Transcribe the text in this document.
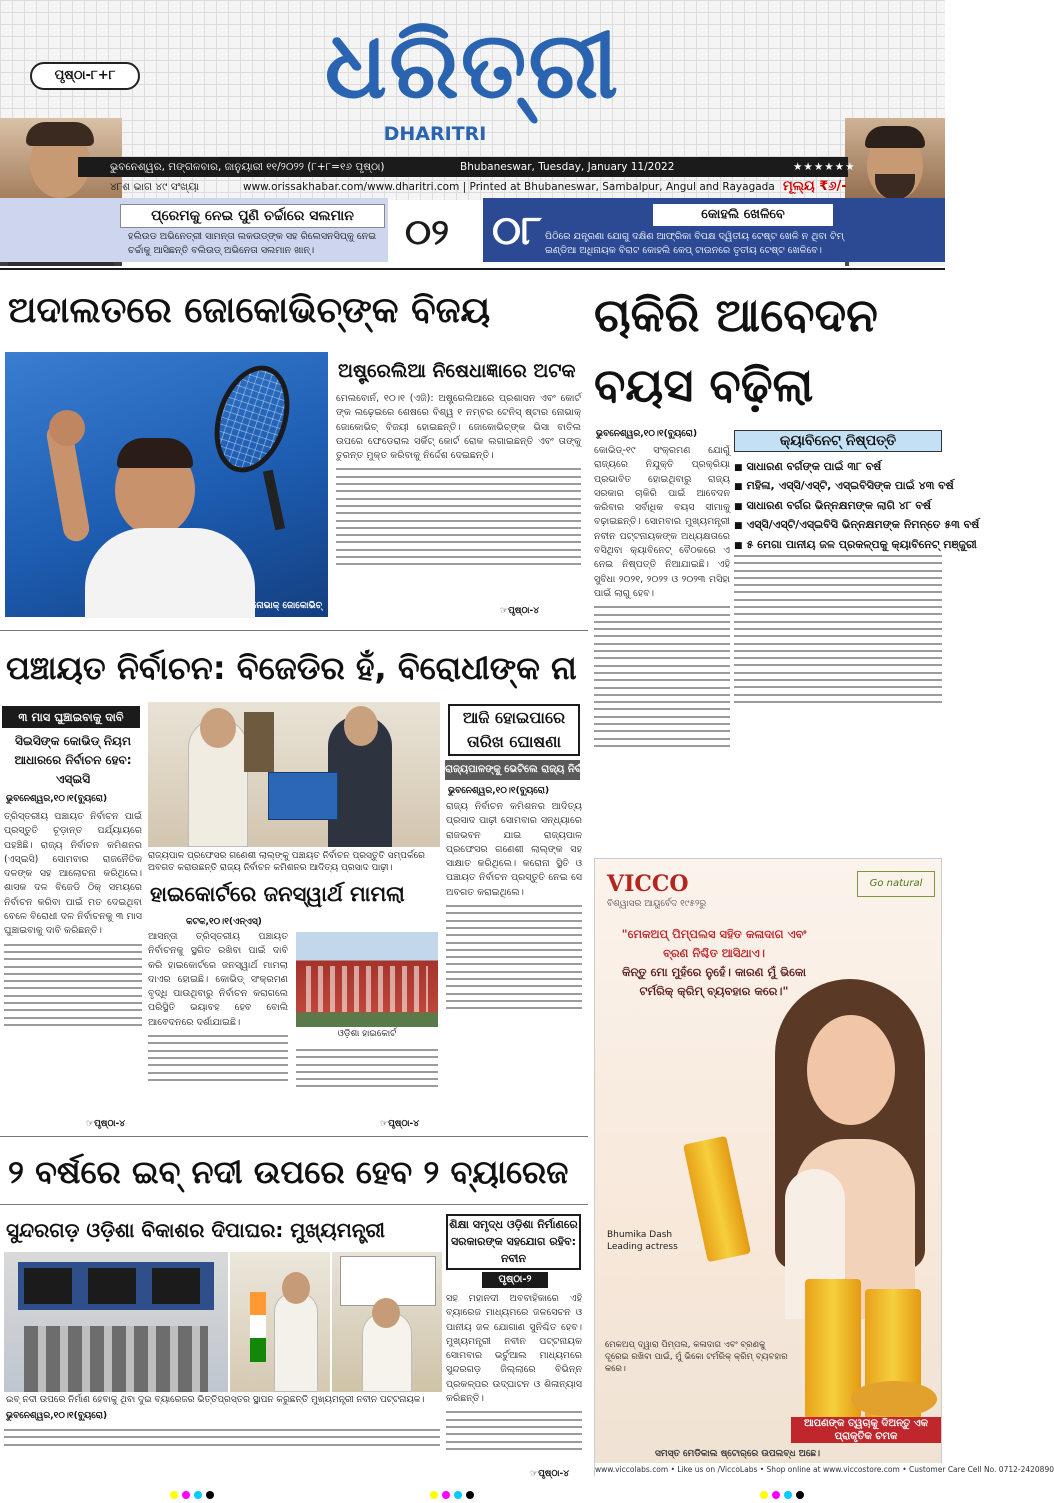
ପୃଷ୍ଠା-୮+୮ ଧରିତ୍ରୀ
DHARITRI
ଭୁବନେଶ୍ୱର, ମଙ୍ଗଳବାର, ଜାନୁୟାରୀ ୧୧/୨୦୨୨ (୮+୮=୧୬ ପୃଷ୍ଠା)	Bhubaneswar, Tuesday, January 11/2022	★★★★★★
୪୮ଶ ଭାଗ ୪୯ ସଂଖ୍ୟା	www.orissakhabar.com/www.dharitri.com | Printed at Bhubaneswar, Sambalpur, Angul and Rayagada ମୂଲ୍ୟ ₹୬/-
ପ୍ରେମକୁ ନେଇ ପୁଣି ଚର୍ଚ୍ଚାରେ ସଲମାନ
ହଲିଉଡ ଅଭିନେତ୍ରୀ ସାମନ୍ତା ଲକଉଡ୍‌ଙ୍କ ସହ ରିଲେସନସିପ୍‌କୁ ନେଇ ଚର୍ଚ୍ଚାକୁ ଆସିଛନ୍ତି ବଲିଉଡ୍ ଅଭିନେତା ସଲମାନ ଖାନ୍।	୦୨	କୋହଲି ଖେଳିବେ
ପିଠିରେ ଯନ୍ତ୍ରଣା ଯୋଗୁ ଦକ୍ଷିଣ ଆଫ୍ରିକା ବିପକ୍ଷ ଦ୍ୱିତୀୟ ଟେଷ୍ଟ ଖେଳି ନ ଥିବା ଟିମ୍ ଇଣ୍ଡିଆ ଅଧିନାୟକ ବିରାଟ କୋହଲି କେପ୍ ଟାଉନରେ ତୃତୀୟ ଟେଷ୍ଟ ଖେଳିବେ।
୦୮
ଅଦାଲତରେ ଜୋକୋଭିଚ୍‌ଙ୍କ ବିଜୟ
ନୋଭାକ୍ ଜୋକୋଭିଚ୍
ଅଷ୍ଟ୍ରେଲିଆ ନିଷେଧାଜ୍ଞାରେ ଅଟକ
ମେଲବୋର୍ନ, ୧୦।୧ (ଏଜି): ଅଷ୍ଟ୍ରେଲିଆରେ ପ୍ରଶାସନ ଏବଂ କୋର୍ଟ ଙ୍କ ଲଢ଼େଇରେ ଶେଷରେ ବିଶ୍ୱ ୧ ନମ୍ବର ଟେନିସ୍ ଷ୍ଟାର ନୋଭାକ୍ ଜୋକୋଭିଚ୍ ବିଜୟୀ ହୋଇଛନ୍ତି। ଜୋକୋଭିଚ୍‌ଙ୍କ ଭିସା ବାତିଲ ଉପରେ ଫେଡେରାଲ ସର୍କିଟ୍ କୋର୍ଟ ରୋକ ଲଗାଇଛନ୍ତି ଏବଂ ତାଙ୍କୁ ତୁରନ୍ତ ମୁକ୍ତ କରିବାକୁ ନିର୍ଦ୍ଦେଶ ଦେଇଛନ୍ତି।
☞ପୃଷ୍ଠା-୪
ଚାକିରି ଆବେଦନ
ବୟସ ବଢ଼ିଲା
ଭୁବନେଶ୍ୱର,୧୦।୧(ବ୍ୟୁରୋ)	କ୍ୟାବିନେଟ୍ ନିଷ୍ପତ୍ତି
■ ସାଧାରଣ ବର୍ଗଙ୍କ ପାଇଁ ୩୮ ବର୍ଷ
■ ମହିଳା, ଏସ୍‌ସି/ଏସ୍‌ଟି, ଏସ୍‌ଇବିସିଙ୍କ ପାଇଁ ୪୩ ବର୍ଷ
■ ସାଧାରଣ ବର୍ଗର ଭିନ୍ନକ୍ଷମଙ୍କ ଲାଗି ୪୮ ବର୍ଷ
■ ଏସ୍‌ସି/ଏସ୍‌ଟି/ଏସ୍‌ଇବିସି ଭିନ୍ନକ୍ଷମଙ୍କ ନିମନ୍ତେ ୫୩ ବର୍ଷ
■ ୫ ମେଗା ପାନୀୟ ଜଳ ପ୍ରକଳ୍ପକୁ କ୍ୟାବିନେଟ୍ ମଞ୍ଜୁରୀ
କୋଭିଡ୍-୧୯ ସଂକ୍ରମଣ ଯୋଗୁଁ ରାଜ୍ୟରେ ନିଯୁକ୍ତି ପ୍ରକ୍ରିୟା ପ୍ରଭାବିତ ହୋଇଥିବାରୁ ରାଜ୍ୟ ସରକାର ଚାକିରି ପାଇଁ ଆବେଦନ କରିବାର ସର୍ବାଧିକ ବୟସ ସୀମାକୁ ବଢ଼ାଇଛନ୍ତି। ସୋମବାର ମୁଖ୍ୟମନ୍ତ୍ରୀ ନବୀନ ପଟ୍ଟନାୟକଙ୍କ ଅଧ୍ୟକ୍ଷତାରେ ବସିଥିବା କ୍ୟାବିନେଟ୍ ବୈଠକରେ ଏ ନେଇ ନିଷ୍ପତ୍ତି ନିଆଯାଇଛି। ଏହି ସୁବିଧା ୨୦୨୧, ୨୦୨୨ ଓ ୨୦୨୩ ମସିହା ପାଇଁ ଲାଗୁ ହେବ।
ପଞ୍ଚାୟତ ନିର୍ବାଚନ: ବିଜେଡିର ହଁ, ବିରୋଧୀଙ୍କ ନା
୩ ମାସ ଘୁଞ୍ଚାଇବାକୁ ଦାବି
ସିଇସିଙ୍କ କୋଭିଡ୍ ନିୟମ ଆଧାରରେ ନିର୍ବାଚନ ହେବ: ଏସ୍‌ଇସି
ଭୁବନେଶ୍ୱର,୧୦।୧(ବ୍ୟୁରୋ)
ତ୍ରିସ୍ତରୀୟ ପଞ୍ଚାୟତ ନିର୍ବାଚନ ପାଇଁ ପ୍ରସ୍ତୁତି ଚୂଡ଼ାନ୍ତ ପର୍ଯ୍ୟାୟରେ ପହଞ୍ଚିଛି। ରାଜ୍ୟ ନିର୍ବାଚନ କମିଶନର (ଏସ୍‌ଇସି) ସୋମବାର ରାଜନୈତିକ ଦଳଙ୍କ ସହ ଆଲୋଚନା କରିଥିଲେ। ଶାସକ ଦଳ ବିଜେଡି ଠିକ୍ ସମୟରେ ନିର୍ବାଚନ କରିବା ପାଇଁ ମତ ଦେଇଥିବା ବେଳେ ବିରୋଧୀ ଦଳ ନିର୍ବାଚନକୁ ୩ ମାସ ଘୁଞ୍ଚାଇବାକୁ ଦାବି କରିଛନ୍ତି।
☞ପୃଷ୍ଠା-୪
ରାଜ୍ୟପାଳ ପ୍ରଫେସର ଗଣେଶୀ ଲାଲ୍‌ଙ୍କୁ ପଞ୍ଚାୟତ ନିର୍ବାଚନ ପ୍ରସ୍ତୁତି ସମ୍ପର୍କରେ ଅବଗତ କରାଉଛନ୍ତି ରାଜ୍ୟ ନିର୍ବାଚନ କମିଶନର ଆଦିତ୍ୟ ପ୍ରସାଦ ପାଢ଼ୀ।
ଆଜି ହୋଇପାରେ ତାରିଖ ଘୋଷଣା
ରାଜ୍ୟପାଳଙ୍କୁ ଭେଟିଲେ ରାଜ୍ୟ ନିର୍ବାଚନ କମିଶନର
ଭୁବନେଶ୍ୱର,୧୦।୧(ବ୍ୟୁରୋ)
ରାଜ୍ୟ ନିର୍ବାଚନ କମିଶନର ଆଦିତ୍ୟ ପ୍ରସାଦ ପାଢ଼ୀ ସୋମବାର ସନ୍ଧ୍ୟାରେ ରାଜଭବନ ଯାଇ ରାଜ୍ୟପାଳ ପ୍ରଫେସର ଗଣେଶୀ ଲାଲ୍‌ଙ୍କ ସହ ସାକ୍ଷାତ କରିଥିଲେ। କରୋନା ସ୍ଥିତି ଓ ପଞ୍ଚାୟତ ନିର୍ବାଚନ ପ୍ରସ୍ତୁତି ନେଇ ସେ ଅବଗତ କରାଇଥିଲେ।
ହାଇକୋର୍ଟରେ ଜନସ୍ୱାର୍ଥ ମାମଲା
କଟକ,୧୦।୧(ଏନ୍‌ଏସ୍)
ଆସନ୍ତା ତ୍ରିସ୍ତରୀୟ ପଞ୍ଚାୟତ ନିର୍ବାଚନକୁ ସ୍ଥଗିତ ରଖିବା ପାଇଁ ଦାବି କରି ହାଇକୋର୍ଟରେ ଜନସ୍ୱାର୍ଥ ମାମଲା ଦାଏର ହୋଇଛି। କୋଭିଡ୍ ସଂକ୍ରମଣ ବୃଦ୍ଧି ପାଉଥିବାରୁ ନିର୍ବାଚନ କରାଗଲେ ପରିସ୍ଥିତି ଭୟାବହ ହେବ ବୋଲି ଆବେଦନରେ ଦର୍ଶାଯାଇଛି।
ଓଡ଼ିଶା ହାଇକୋର୍ଟ
☞ପୃଷ୍ଠା-୪
୨ ବର୍ଷରେ ଇବ୍ ନଦୀ ଉପରେ ହେବ ୨ ବ୍ୟାରେଜ
ସୁନ୍ଦରଗଡ଼ ଓଡ଼ିଶା ବିକାଶର ଦିପାଘର: ମୁଖ୍ୟମନ୍ତ୍ରୀ
ଇବ୍ ନଦୀ ଉପରେ ନିର୍ମାଣ ହେବାକୁ ଥିବା ଦୁଇ ବ୍ୟାରେଜର ଭିତ୍ତିପ୍ରସ୍ତର ସ୍ଥାପନ କରୁଛନ୍ତି ମୁଖ୍ୟମନ୍ତ୍ରୀ ନବୀନ ପଟ୍ଟନାୟକ।
ଭୁବନେଶ୍ୱର,୧୦।୧(ବ୍ୟୁରୋ)
ଶିକ୍ଷା ସମୃଦ୍ଧ ଓଡ଼ିଶା ନିର୍ମାଣରେ ସରକାରଙ୍କ ସହଯୋଗ ରହିବ: ନବୀନ
ପୃଷ୍ଠା-୨
ସହ ମହାନଦୀ ଅବବାହିକାରେ ଏହି ବ୍ୟାରେଜ ମାଧ୍ୟମରେ ଜଳସେଚନ ଓ ପାନୀୟ ଜଳ ଯୋଗାଣ ସୁନିଶ୍ଚିତ ହେବ। ମୁଖ୍ୟମନ୍ତ୍ରୀ ନବୀନ ପଟ୍ଟନାୟକ ସୋମବାର ଭର୍ଚୁଆଲ ମାଧ୍ୟମରେ ସୁନ୍ଦରଗଡ଼ ଜିଲ୍ଲାରେ ବିଭିନ୍ନ ପ୍ରକଳ୍ପର ଉଦ୍‌ଘାଟନ ଓ ଶିଳାନ୍ୟାସ କରିଛନ୍ତି।
☞ପୃଷ୍ଠା-୪
VICCO
ବିଶ୍ୱାସର ଆୟୁର୍ବେଦ ୧୯୫୨ରୁ
Go natural
"ମେକଅପ୍ ପିମ୍ପଲସ ସହିତ କଳାଦାଗ ଏବଂ ବ୍ରଣ ନିଶ୍ଚିତ ଆସିଥାଏ।
କିନ୍ତୁ ମୋ ମୁହଁରେ ନୁହେଁ। କାରଣ ମୁଁ ଭିକୋ ଟର୍ମରିକ୍ କ୍ରିମ୍ ବ୍ୟବହାର କରେ।"
Bhumika Dash
Leading actress
ମେକଅପ୍ ଦ୍ୱାରା ପିମ୍ପଲ, କଳାଦାଗ ଏବଂ ବ୍ରଣକୁ ଦୂରେଇ ରଖିବା ପାଇଁ, ମୁଁ ଭିକୋ ଟର୍ମରିକ୍ କ୍ରିମ୍ ବ୍ୟବହାର କରେ।
ଆପଣଙ୍କ ତ୍ୱଚାକୁ ଦିଅନ୍ତୁ ଏକ ପ୍ରାକୃତିକ ଚମକ
ସମସ୍ତ ମେଡିକାଲ ଷ୍ଟୋର୍‌ରେ ଉପଲବ୍ଧ ଅଛେ।
www.viccolabs.com • Like us on /ViccoLabs • Shop online at www.viccostore.com • Customer Care Cell No. 0712-2420890
